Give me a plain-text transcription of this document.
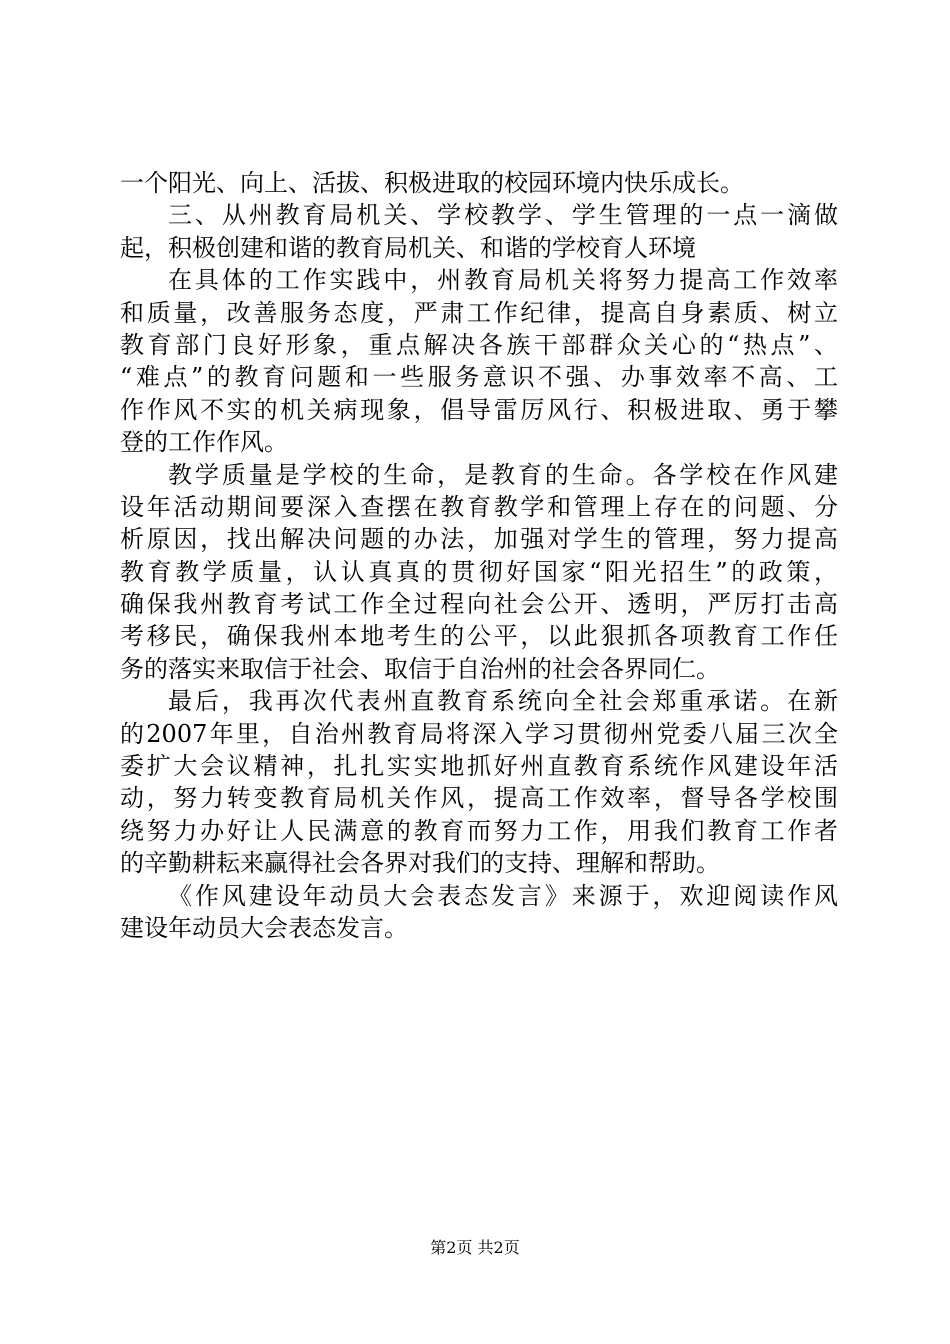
一个阳光、向上、活拔、积极进取的校园环境内快乐成长。
三、从州教育局机关、学校教学、学生管理的一点一滴做
起，积极创建和谐的教育局机关、和谐的学校育人环境
在具体的工作实践中，州教育局机关将努力提高工作效率
和质量，改善服务态度，严肃工作纪律，提高自身素质、树立
教育部门良好形象，重点解决各族干部群众关心的“热点”、
“难点”的教育问题和一些服务意识不强、办事效率不高、工
作作风不实的机关病现象，倡导雷厉风行、积极进取、勇于攀
登的工作作风。
教学质量是学校的生命，是教育的生命。各学校在作风建
设年活动期间要深入查摆在教育教学和管理上存在的问题、分
析原因，找出解决问题的办法，加强对学生的管理，努力提高
教育教学质量，认认真真的贯彻好国家“阳光招生”的政策，
确保我州教育考试工作全过程向社会公开、透明，严厉打击高
考移民，确保我州本地考生的公平，以此狠抓各项教育工作任
务的落实来取信于社会、取信于自治州的社会各界同仁。
最后，我再次代表州直教育系统向全社会郑重承诺。在新
的2007年里，自治州教育局将深入学习贯彻州党委八届三次全
委扩大会议精神，扎扎实实地抓好州直教育系统作风建设年活
动，努力转变教育局机关作风，提高工作效率，督导各学校围
绕努力办好让人民满意的教育而努力工作，用我们教育工作者
的辛勤耕耘来赢得社会各界对我们的支持、理解和帮助。
《作风建设年动员大会表态发言》来源于，欢迎阅读作风
建设年动员大会表态发言。
第2页 共2页
